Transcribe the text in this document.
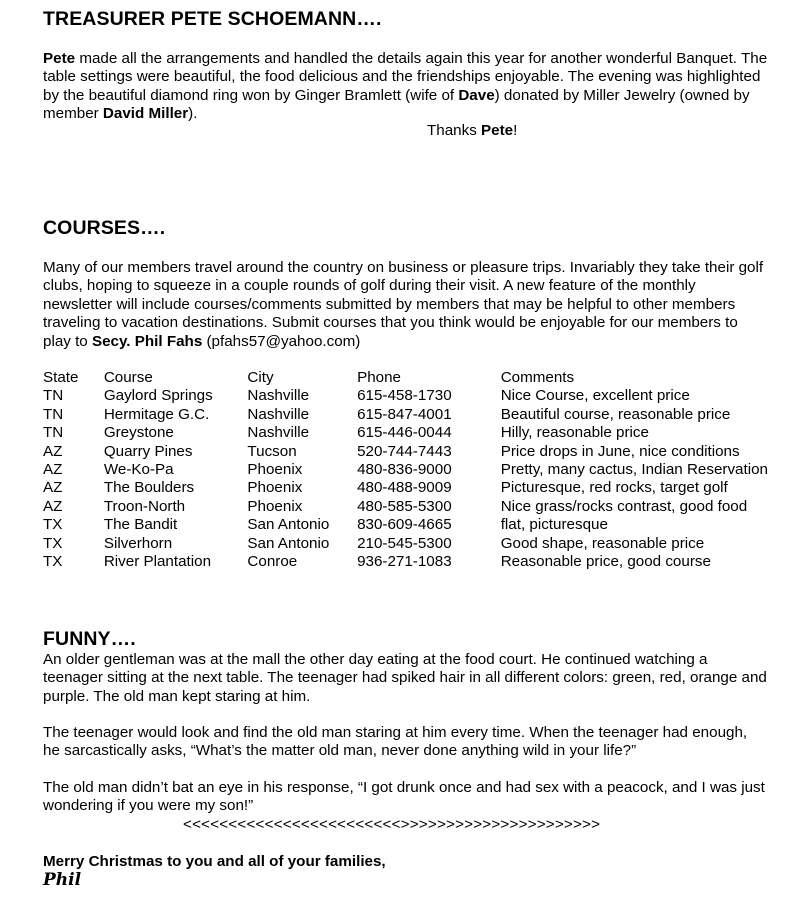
TREASURER PETE SCHOEMANN….

Pete made all the arrangements and handled the details again this year for another wonderful Banquet. The table settings were beautiful, the food delicious and the friendships enjoyable. The evening was highlighted by the beautiful diamond ring won by Ginger Bramlett (wife of Dave) donated by Miller Jewelry (owned by member David Miller).

Thanks Pete!
COURSES….

Many of our members travel around the country on business or pleasure trips. Invariably they take their golf clubs, hoping to squeeze in a couple rounds of golf during their visit. A new feature of the monthly newsletter will include courses/comments submitted by members that may be helpful to other members traveling to vacation destinations. Submit courses that you think would be enjoyable for our members to play to Secy. Phil Fahs (pfahs57@yahoo.com)

State	Course	City	Phone	Comments
TN	Gaylord Springs	Nashville	615-458-1730	Nice Course, excellent price
TN	Hermitage G.C.	Nashville	615-847-4001	Beautiful course, reasonable price
TN	Greystone	Nashville	615-446-0044	Hilly, reasonable price
AZ	Quarry Pines	Tucson	520-744-7443	Price drops in June, nice conditions
AZ	We-Ko-Pa	Phoenix	480-836-9000	Pretty, many cactus, Indian Reservation
AZ	The Boulders	Phoenix	480-488-9009	Picturesque, red rocks, target golf
AZ	Troon-North	Phoenix	480-585-5300	Nice grass/rocks contrast, good food
TX	The Bandit	San Antonio	830-609-4665	flat, picturesque
TX	Silverhorn	San Antonio	210-545-5300	Good shape, reasonable price
TX	River Plantation	Conroe	936-271-1083	Reasonable price, good course
FUNNY….

An older gentleman was at the mall the other day eating at the food court. He continued watching a teenager sitting at the next table. The teenager had spiked hair in all different colors: green, red, orange and purple. The old man kept staring at him.

The teenager would look and find the old man staring at him every time. When the teenager had enough, he sarcastically asks, “What’s the matter old man, never done anything wild in your life?”

The old man didn’t bat an eye in his response, “I got drunk once and had sex with a peacock, and I was just wondering if you were my son!”

<<<<<<<<<<<<<<<<<<<<<<<<>>>>>>>>>>>>>>>>>>>>>>
Merry Christmas to you and all of your families,
Phil
